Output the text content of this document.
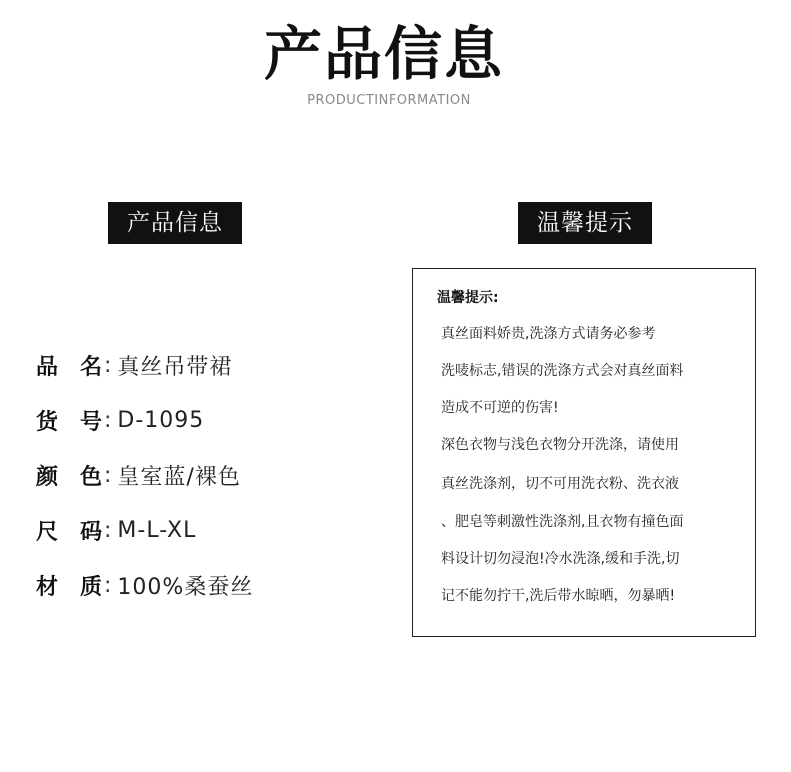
产品信息
PRODUCTINFORMATION
产品信息	温馨提示
品 名 : 真丝吊带裙
货 号 : D-1095
颜 色 : 皇室蓝/裸色
尺 码 : M-L-XL
材 质 : 100%桑蚕丝
温馨提示:
真丝面料娇贵,洗涤方式请务必参考
洗唛标志,错误的洗涤方式会对真丝面料
造成不可逆的伤害!
深色衣物与浅色衣物分开洗涤，请使用
真丝洗涤剂，切不可用洗衣粉、洗衣液
、肥皂等刺激性洗涤剂,且衣物有撞色面
料设计切勿浸泡!冷水洗涤,缓和手洗,切
记不能勿拧干,洗后带水晾晒，勿暴晒!
